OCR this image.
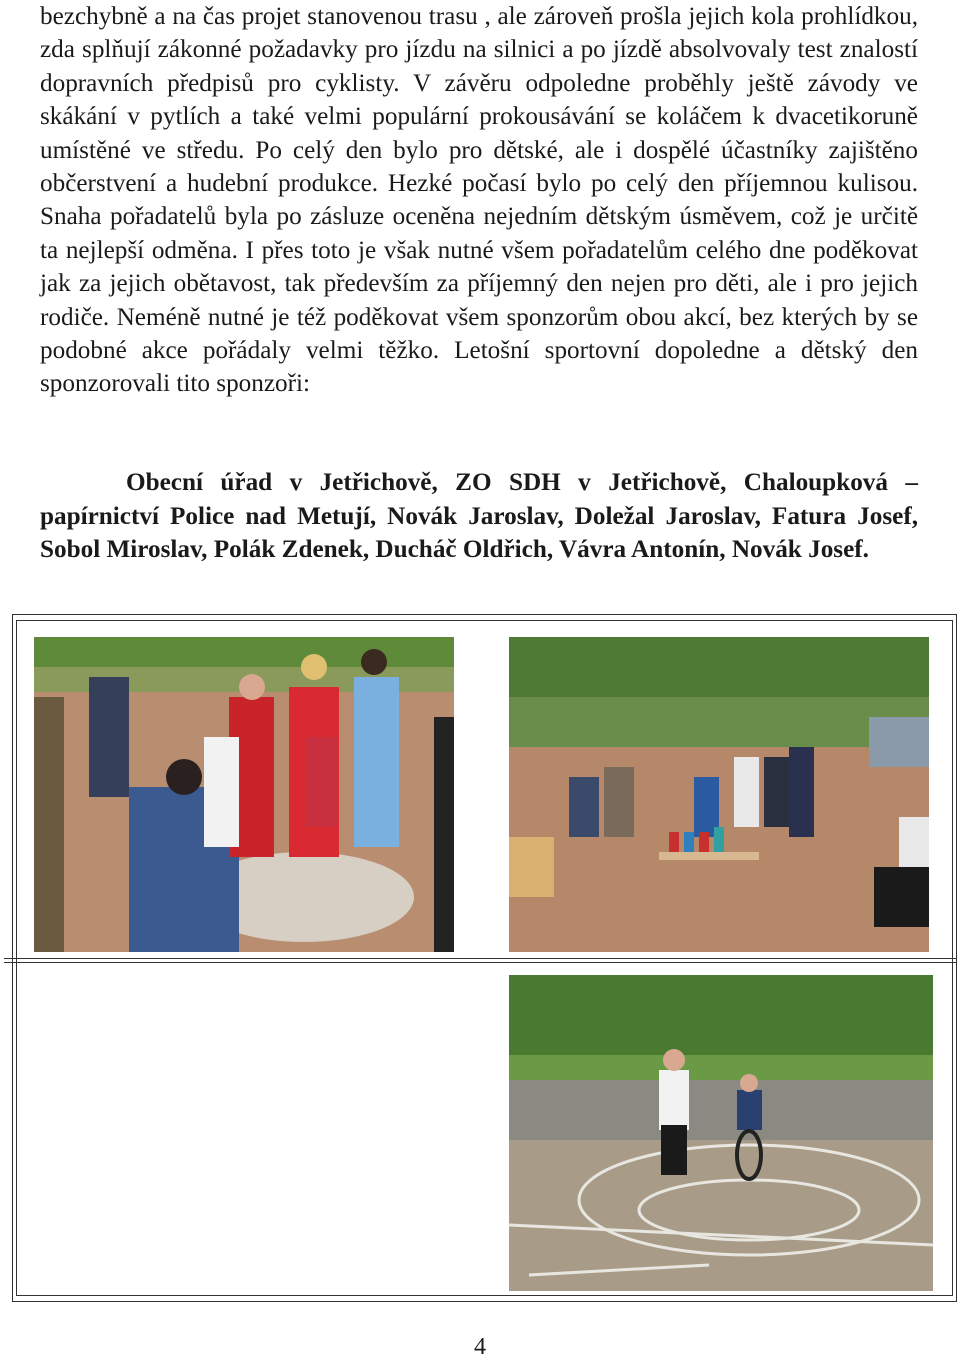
bezchybně a na čas projet stanovenou trasu , ale zároveň prošla jejich kola prohlídkou, zda splňují zákonné požadavky pro jízdu na silnici a po jízdě absolvovaly test znalostí dopravních předpisů pro cyklisty. V závěru odpoledne proběhly ještě závody ve skákání v pytlích a také velmi populární prokousávání se koláčem k dvacetikoruně umístěné ve středu. Po celý den bylo pro dětské, ale i dospělé účastníky zajištěno občerstvení a hudební produkce. Hezké počasí bylo po celý den příjemnou kulisou. Snaha pořadatelů byla po zásluze oceněna nejedním dětským úsměvem, což je určitě ta nejlepší odměna. I přes toto je však nutné všem pořadatelům celého dne poděkovat jak za jejich obětavost, tak především za příjemný den nejen pro děti, ale i pro jejich rodiče. Neméně nutné je též poděkovat všem sponzorům obou akcí, bez kterých by se podobné akce pořádaly velmi těžko. Letošní sportovní dopoledne a dětský den sponzorovali tito sponzoři:

Obecní úřad v Jetřichově, ZO SDH v Jetřichově, Chaloupková – papírnictví Police nad Metují, Novák Jaroslav, Doležal Jaroslav, Fatura Josef, Sobol Miroslav, Polák Zdenek, Ducháč Oldřich, Vávra Antonín, Novák Josef.

4
